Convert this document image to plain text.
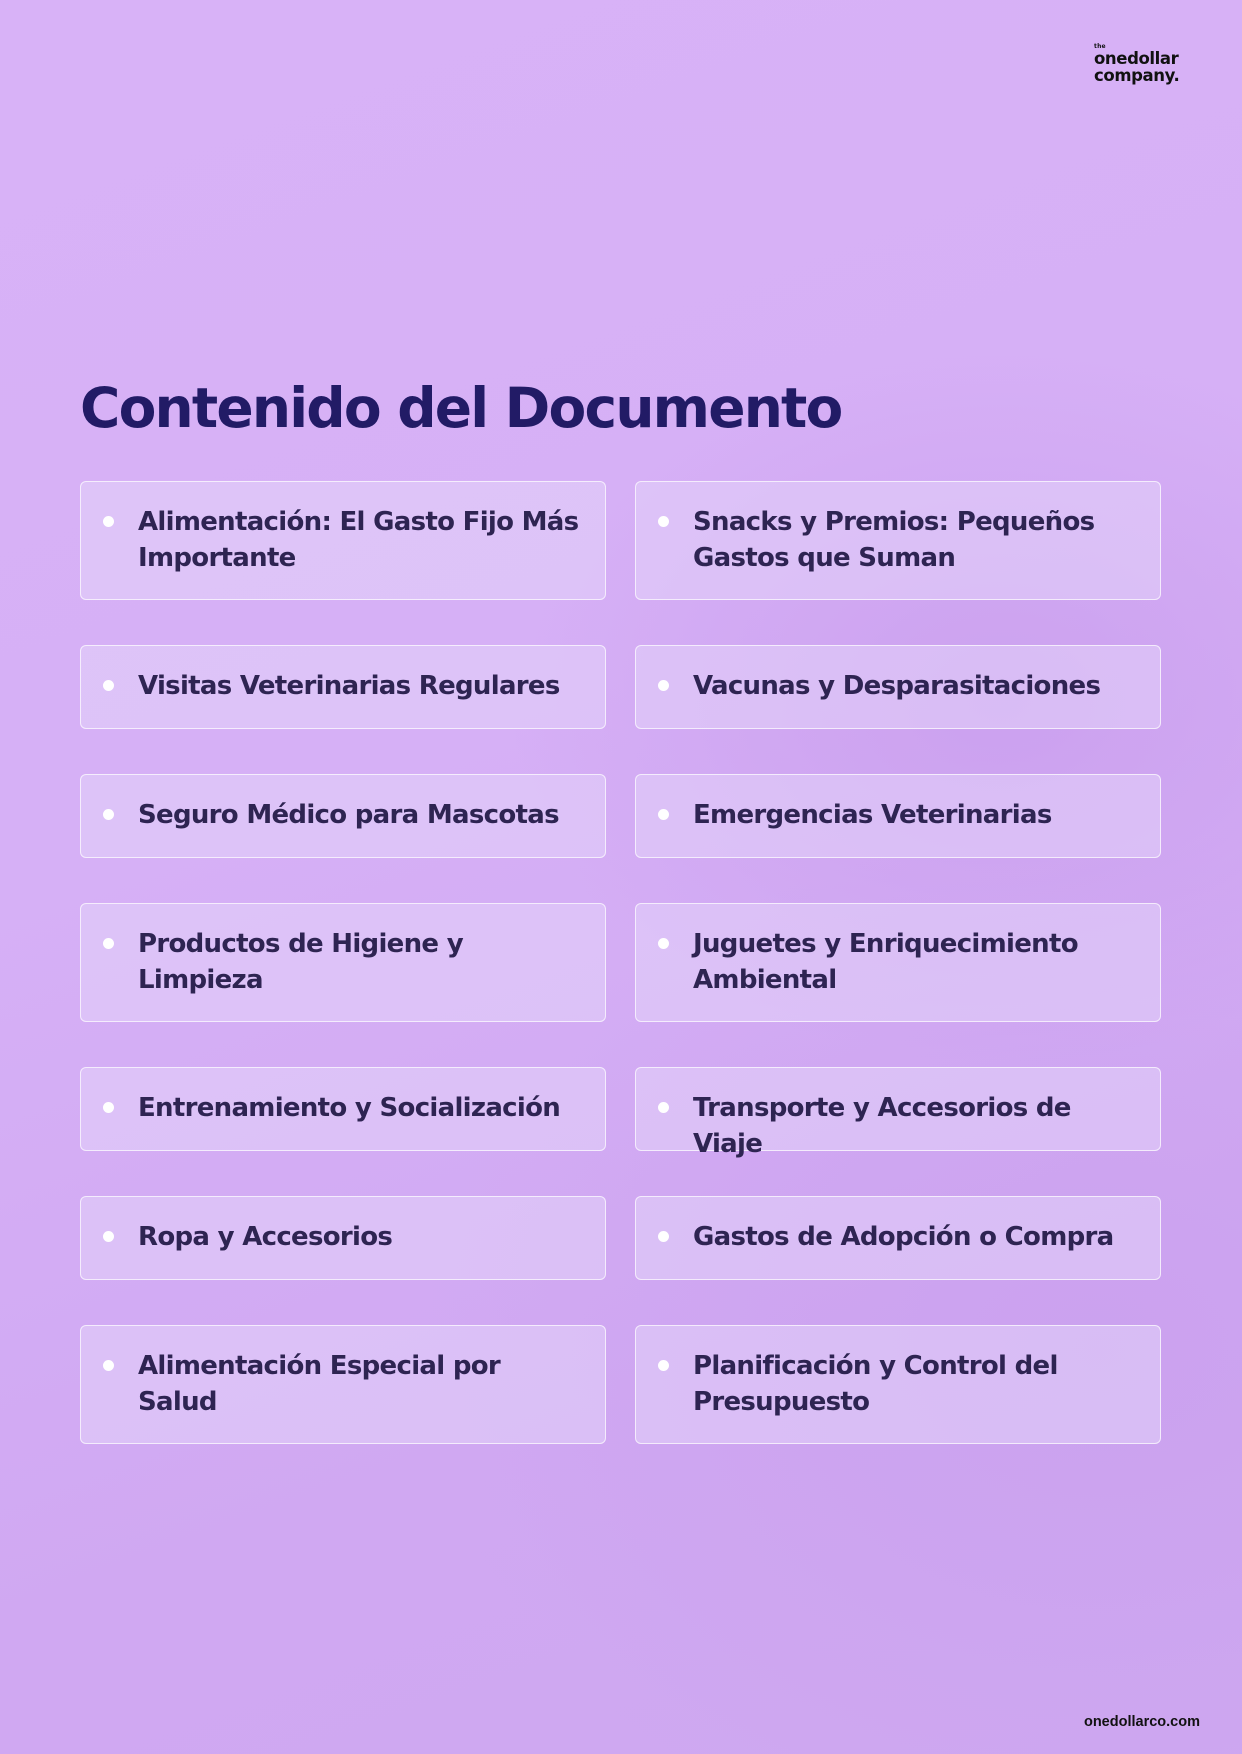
the
onedollar
company.
Contenido del Documento
Alimentación: El Gasto Fijo Más Importante
Snacks y Premios: Pequeños Gastos que Suman
Visitas Veterinarias Regulares	Vacunas y Desparasitaciones
Seguro Médico para Mascotas	Emergencias Veterinarias
Productos de Higiene y Limpieza
Juguetes y Enriquecimiento Ambiental
Entrenamiento y Socialización	Transporte y Accesorios de Viaje
Ropa y Accesorios	Gastos de Adopción o Compra
Alimentación Especial por Salud
Planificación y Control del Presupuesto
onedollarco.com
